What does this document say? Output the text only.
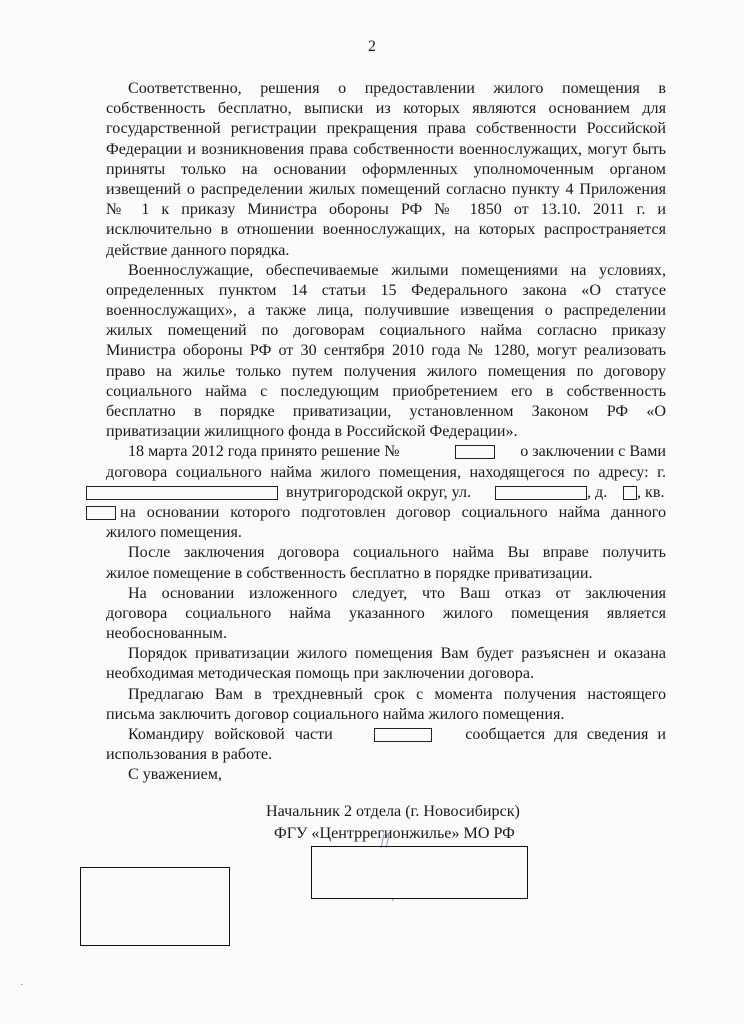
2
Соответственно, решения о предоставлении жилого помещения в
собственность бесплатно, выписки из которых являются основанием для
государственной регистрации прекращения права собственности Российской
Федерации и возникновения права собственности военнослужащих, могут быть
приняты только на основании оформленных уполномоченным органом
извещений о распределении жилых помещений согласно пункту 4 Приложения
№ 1 к приказу Министра обороны РФ № 1850 от 13.10. 2011 г. и
исключительно в отношении военнослужащих, на которых распространяется
действие данного порядка.
Военнослужащие, обеспечиваемые жилыми помещениями на условиях,
определенных пунктом 14 статьи 15 Федерального закона «О статусе
военнослужащих», а также лица, получившие извещения о распределении
жилых помещений по договорам социального найма согласно приказу
Министра обороны РФ от 30 сентября 2010 года № 1280, могут реализовать
право на жилье только путем получения жилого помещения по договору
социального найма с последующим приобретением его в собственность
бесплатно в порядке приватизации, установленном Законом РФ «О
приватизации жилищного фонда в Российской Федерации».
18 марта 2012 года принято решение №	о заключении с Вами
договора социального найма жилого помещения, находящегося по адресу: г.
внутригородской округ, ул.	, д. , кв.
на основании которого подготовлен договор социального найма данного
жилого помещения.
После заключения договора социального найма Вы вправе получить
жилое помещение в собственность бесплатно в порядке приватизации.
На основании изложенного следует, что Ваш отказ от заключения
договора социального найма указанного жилого помещения является
необоснованным.
Порядок приватизации жилого помещения Вам будет разъяснен и оказана
необходимая методическая помощь при заключении договора.
Предлагаю Вам в трехдневный срок с момента получения настоящего
письма заключить договор социального найма жилого помещения.
Командиру войсковой части	сообщается для сведения и
использования в работе.
С уважением,
Начальник 2 отдела (г. Новосибирск)
ФГУ «Центррегионжилье» МО РФ
'
·
